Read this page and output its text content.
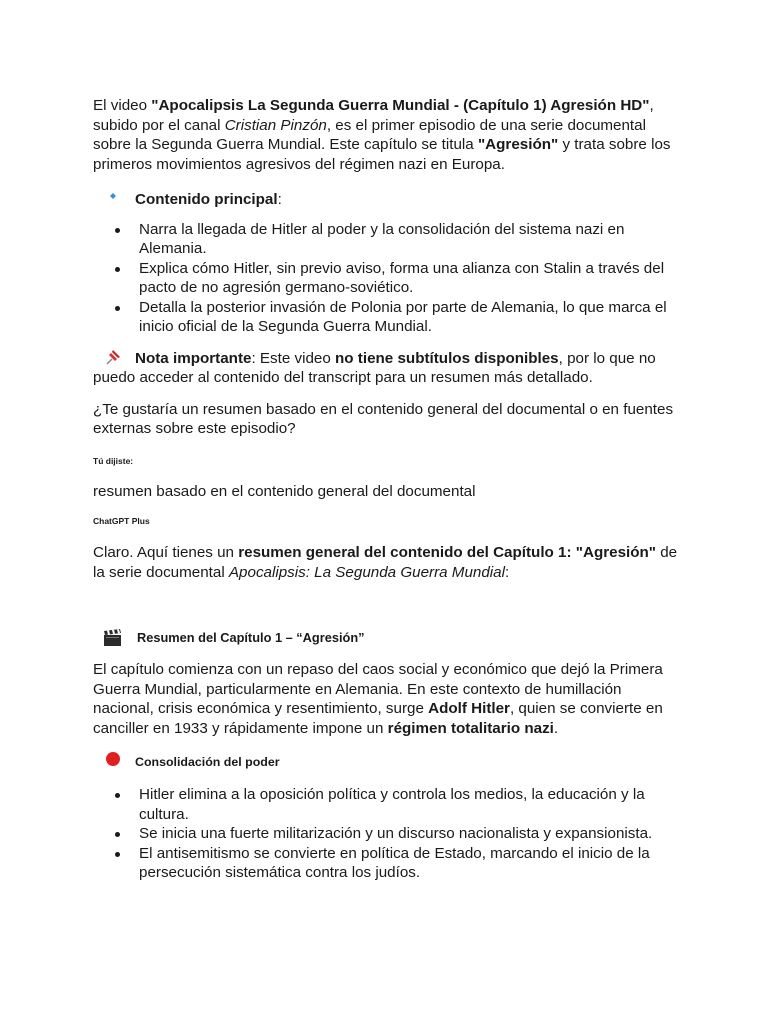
El video "Apocalipsis La Segunda Guerra Mundial - (Capítulo 1) Agresión HD", subido por el canal Cristian Pinzón, es el primer episodio de una serie documental sobre la Segunda Guerra Mundial. Este capítulo se titula "Agresión" y trata sobre los primeros movimientos agresivos del régimen nazi en Europa.

Contenido principal :
Narra la llegada de Hitler al poder y la consolidación del sistema nazi en Alemania.
Explica cómo Hitler, sin previo aviso, forma una alianza con Stalin a través del pacto de no agresión germano-soviético.
Detalla la posterior invasión de Polonia por parte de Alemania, lo que marca el inicio oficial de la Segunda Guerra Mundial.

Nota importante: Este video no tiene subtítulos disponibles, por lo que no puedo acceder al contenido del transcript para un resumen más detallado.

¿Te gustaría un resumen basado en el contenido general del documental o en fuentes externas sobre este episodio?

Tú dijiste:

resumen basado en el contenido general del documental

ChatGPT Plus

Claro. Aquí tienes un resumen general del contenido del Capítulo 1: "Agresión" de la serie documental Apocalipsis: La Segunda Guerra Mundial:

Resumen del Capítulo 1 – “Agresión”

El capítulo comienza con un repaso del caos social y económico que dejó la Primera Guerra Mundial, particularmente en Alemania. En este contexto de humillación nacional, crisis económica y resentimiento, surge Adolf Hitler, quien se convierte en canciller en 1933 y rápidamente impone un régimen totalitario nazi.

Consolidación del poder
Hitler elimina a la oposición política y controla los medios, la educación y la cultura.
Se inicia una fuerte militarización y un discurso nacionalista y expansionista.
El antisemitismo se convierte en política de Estado, marcando el inicio de la persecución sistemática contra los judíos.
